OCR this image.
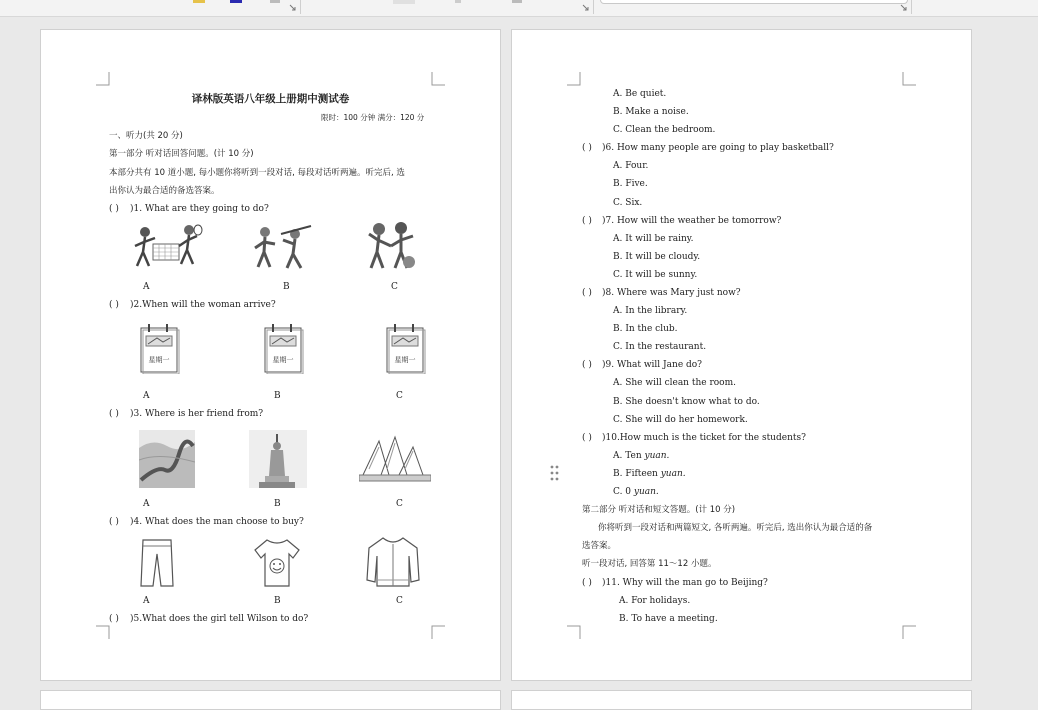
译林版英语八年级上册期中测试卷
限时：100 分钟 满分：120 分
一、听力(共 20 分)
第一部分 听对话回答问题。(计 10 分)
本部分共有 10 道小题, 每小题你将听到一段对话, 每段对话听两遍。听完后, 选
出你认为最合适的备选答案。
( ) )1. What are they going to do?
A	B	C
( ) )2.When will the woman arrive?
星期一	星期一	星期一
A	B	C
( ) )3. Where is her friend from?
A	B	C
( ) )4. What does the man choose to buy?
A	B	C
( ) )5.What does the girl tell Wilson to do?
A. Be quiet.
B. Make a noise.
C. Clean the bedroom.
( ) )6. How many people are going to play basketball?
A. Four.
B. Five.
C. Six.
( ) )7. How will the weather be tomorrow?
A. It will be rainy.
B. It will be cloudy.
C. It will be sunny.
( ) )8. Where was Mary just now?
A. In the library.
B. In the club.
C. In the restaurant.
( ) )9. What will Jane do?
A. She will clean the room.
B. She doesn't know what to do.
C. She will do her homework.
( ) )10.How much is the ticket for the students?
A. Ten yuan.
B. Fifteen yuan.
C. 0 yuan.
第二部分 听对话和短文答题。(计 10 分)
你将听到一段对话和两篇短文, 各听两遍。听完后, 选出你认为最合适的备
选答案。
听一段对话, 回答第 11～12 小题。
( ) )11. Why will the man go to Beijing?
A. For holidays.
B. To have a meeting.
